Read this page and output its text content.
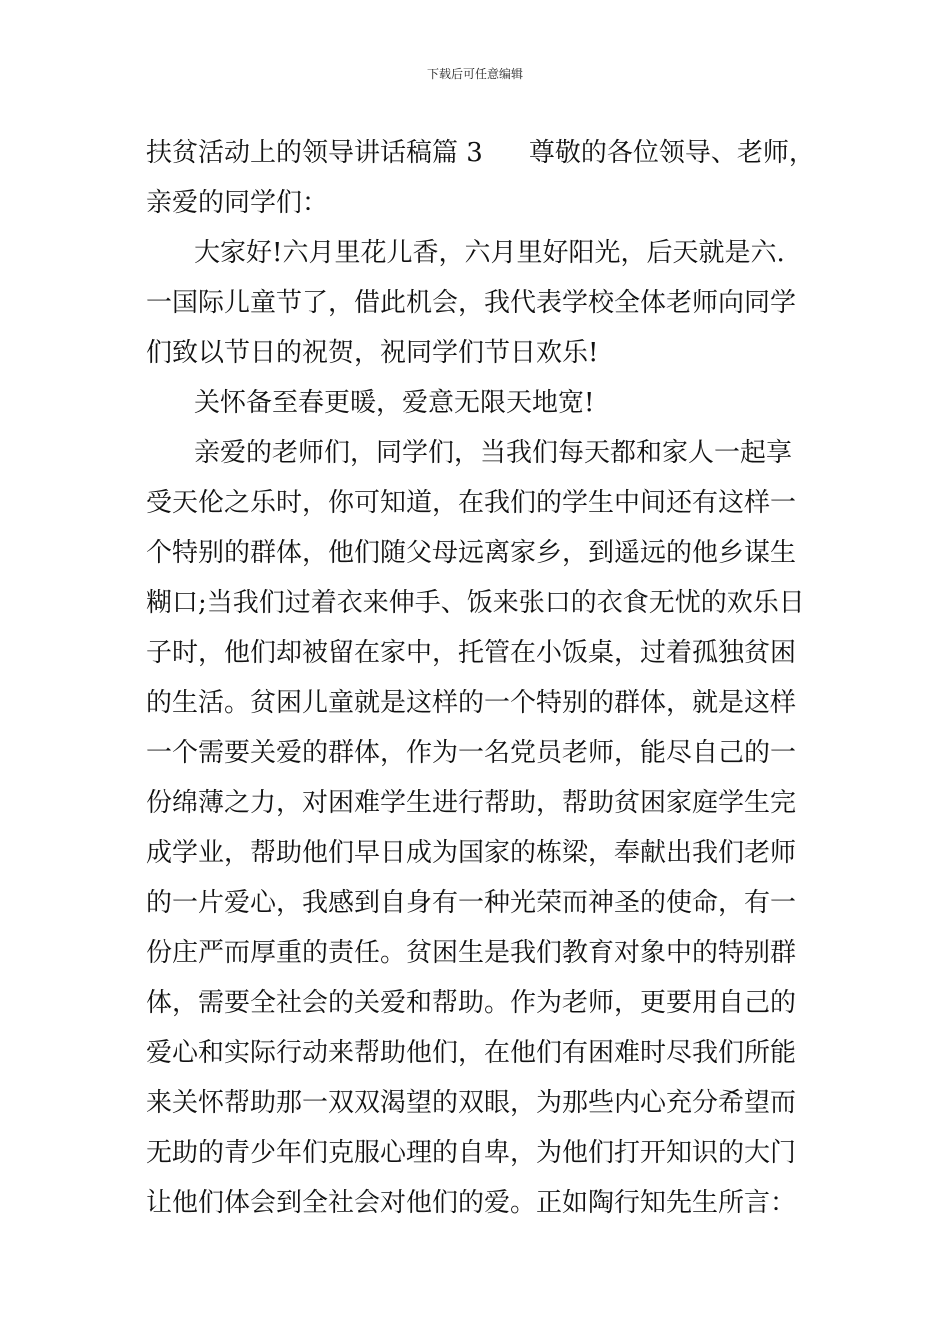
下载后可任意编辑
扶贫活动上的领导讲话稿篇 3 尊敬的各位领导、老师，
亲爱的同学们：
大家好!六月里花儿香，六月里好阳光，后天就是六.
一国际儿童节了，借此机会，我代表学校全体老师向同学
们致以节日的祝贺，祝同学们节日欢乐!
关怀备至春更暖，爱意无限天地宽!
亲爱的老师们，同学们，当我们每天都和家人一起享
受天伦之乐时，你可知道，在我们的学生中间还有这样一
个特别的群体，他们随父母远离家乡，到遥远的他乡谋生
糊口;当我们过着衣来伸手、饭来张口的衣食无忧的欢乐日
子时，他们却被留在家中，托管在小饭桌，过着孤独贫困
的生活。贫困儿童就是这样的一个特别的群体，就是这样
一个需要关爱的群体，作为一名党员老师，能尽自己的一
份绵薄之力，对困难学生进行帮助，帮助贫困家庭学生完
成学业，帮助他们早日成为国家的栋梁，奉献出我们老师
的一片爱心，我感到自身有一种光荣而神圣的使命，有一
份庄严而厚重的责任。贫困生是我们教育对象中的特别群
体，需要全社会的关爱和帮助。作为老师，更要用自己的
爱心和实际行动来帮助他们，在他们有困难时尽我们所能
来关怀帮助那一双双渴望的双眼，为那些内心充分希望而
无助的青少年们克服心理的自卑，为他们打开知识的大门
让他们体会到全社会对他们的爱。正如陶行知先生所言：
